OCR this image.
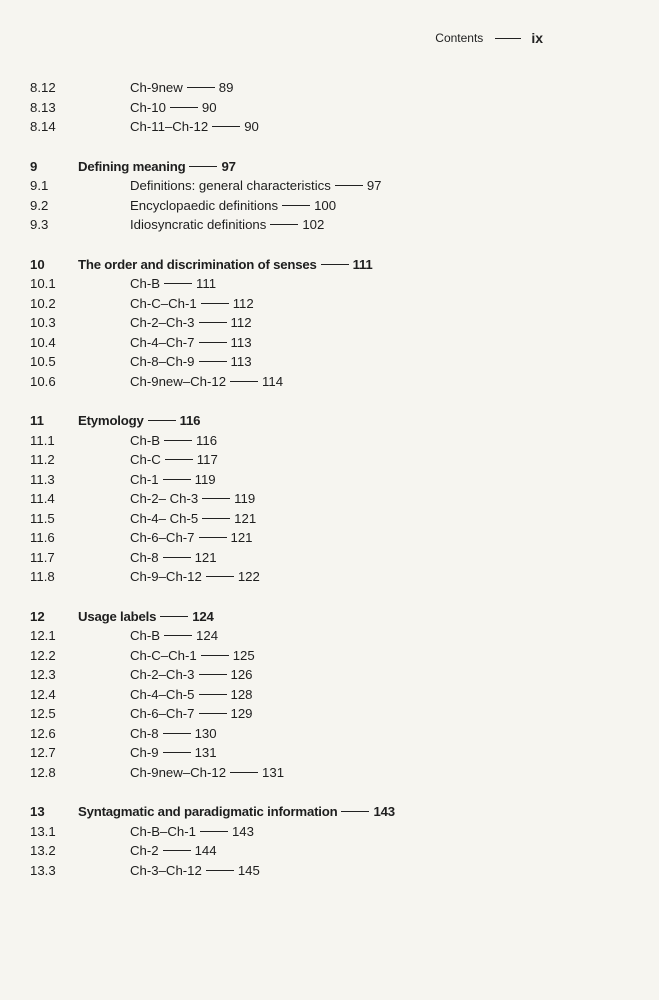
Contents	ix
8.12	Ch-9new	89
8.13	Ch-10	90
8.14	Ch-11–Ch-12	90
9	Defining meaning	97
9.1	Definitions: general characteristics	97
9.2	Encyclopaedic definitions	100
9.3	Idiosyncratic definitions	102
10	The order and discrimination of senses	111
10.1	Ch-B	111
10.2	Ch-C–Ch-1	112
10.3	Ch-2–Ch-3	112
10.4	Ch-4–Ch-7	113
10.5	Ch-8–Ch-9	113
10.6	Ch-9new–Ch-12	114
11	Etymology	116
11.1	Ch-B	116
11.2	Ch-C	117
11.3	Ch-1	119
11.4	Ch-2– Ch-3	119
11.5	Ch-4– Ch-5	121
11.6	Ch-6–Ch-7	121
11.7	Ch-8	121
11.8	Ch-9–Ch-12	122
12	Usage labels	124
12.1	Ch-B	124
12.2	Ch-C–Ch-1	125
12.3	Ch-2–Ch-3	126
12.4	Ch-4–Ch-5	128
12.5	Ch-6–Ch-7	129
12.6	Ch-8	130
12.7	Ch-9	131
12.8	Ch-9new–Ch-12	131
13	Syntagmatic and paradigmatic information	143
13.1	Ch-B–Ch-1	143
13.2	Ch-2	144
13.3	Ch-3–Ch-12	145
